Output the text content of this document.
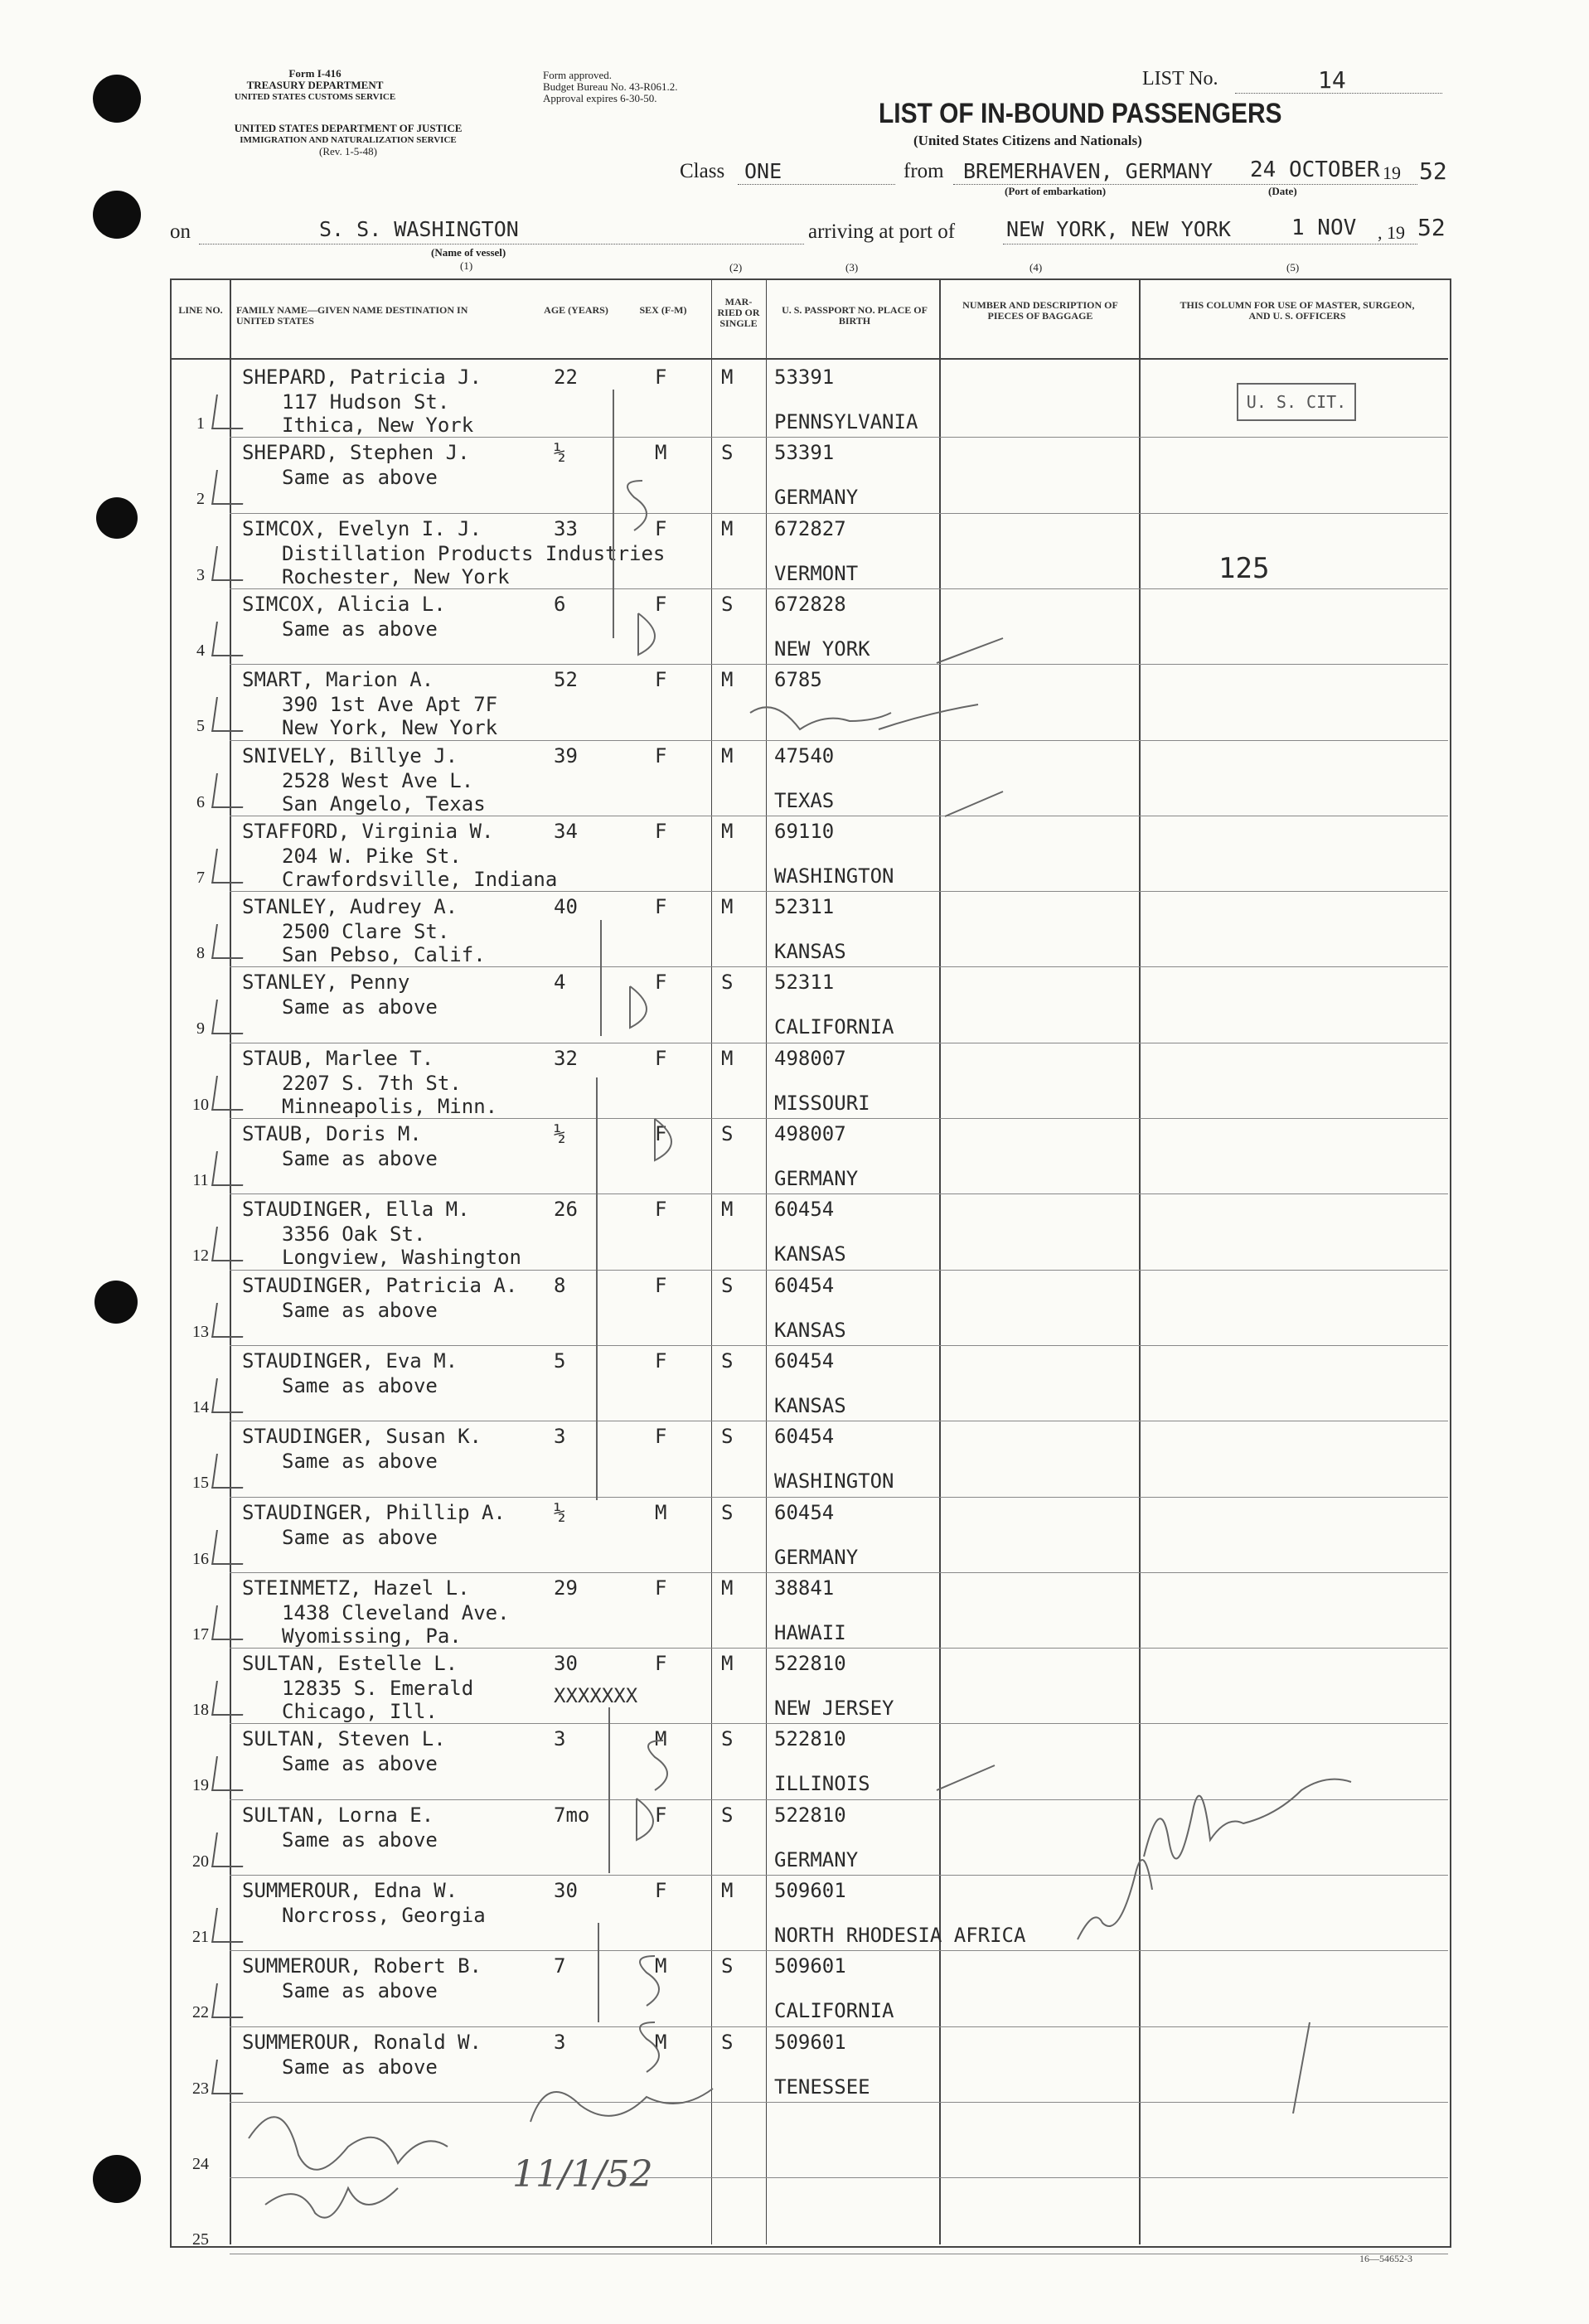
Form I-416
TREASURY DEPARTMENT
UNITED STATES CUSTOMS SERVICE
Form approved.
Budget Bureau No. 43-R061.2.
Approval expires 6-30-50.
UNITED STATES DEPARTMENT OF JUSTICE
IMMIGRATION AND NATURALIZATION SERVICE
(Rev. 1-5-48)
LIST No.	14
LIST OF IN-BOUND PASSENGERS
(United States Citizens and Nationals)
Class ONE	from BREMERHAVEN, GERMANY 24 OCTOBER 19 52
(Port of embarkation)	(Date)
on	S. S. WASHINGTON
(Name of vessel)
(1)
arriving at port of NEW YORK, NEW YORK	1 NOV , 19 52
LINE NO. FAMILY NAME—GIVEN NAME DESTINATION IN UNITED STATES
AGE (YEARS)	SEX (F-M)
MAR-RIED OR SINGLE
U. S. PASSPORT NO. PLACE OF BIRTH
NUMBER AND DESCRIPTION OF PIECES OF BAGGAGE
THIS COLUMN FOR USE OF MASTER, SURGEON, AND U. S. OFFICERS
(2)	(3)	(4)	(5)
1
SHEPARD, Patricia J.
117 Hudson St.
Ithica, New York
22	F	M 53391
PENNSYLVANIA
2
SHEPARD, Stephen J.
Same as above
½	M	S 53391
GERMANY
3
SIMCOX, Evelyn I. J.
Distillation Products Industries
Rochester, New York
33	F	M 672827
VERMONT
4
SIMCOX, Alicia L.
Same as above
6	F	S 672828
NEW YORK
5
SMART, Marion A.
390 1st Ave Apt 7F
New York, New York
52	F	M 6785
6
SNIVELY, Billye J.
2528 West Ave L.
San Angelo, Texas
39	F	M 47540
TEXAS
7
STAFFORD, Virginia W.
204 W. Pike St.
Crawfordsville, Indiana
34	F	M 69110
WASHINGTON
8
STANLEY, Audrey A.
2500 Clare St.
San Pebso, Calif.
40	F	M 52311
KANSAS
9
STANLEY, Penny
Same as above
4	F	S 52311
CALIFORNIA
10
STAUB, Marlee T.
2207 S. 7th St.
Minneapolis, Minn.
32	F	M 498007
MISSOURI
11
STAUB, Doris M.
Same as above
½	F	S 498007
GERMANY
12
STAUDINGER, Ella M.
3356 Oak St.
Longview, Washington
26	F	M 60454
KANSAS
13
STAUDINGER, Patricia A.
Same as above
8	F	S 60454
KANSAS
14
STAUDINGER, Eva M.
Same as above
5	F	S 60454
KANSAS
15
STAUDINGER, Susan K.
Same as above
3	F	S 60454
WASHINGTON
16
STAUDINGER, Phillip A.
Same as above
½	M	S 60454
GERMANY
17
STEINMETZ, Hazel L.
1438 Cleveland Ave.
Wyomissing, Pa.
29	F	M 38841
HAWAII
18
SULTAN, Estelle L.
12835 S. Emerald
Chicago, Ill.
30	F	M 522810
NEW JERSEY
19
SULTAN, Steven L.
Same as above
3	M	S 522810
ILLINOIS
20
SULTAN, Lorna E.
Same as above
7mo	F	S 522810
GERMANY
21
SUMMEROUR, Edna W.
Norcross, Georgia
30	F	M 509601
NORTH RHODESIA AFRICA
22
SUMMEROUR, Robert B.
Same as above
7	M	S 509601
CALIFORNIA
23
SUMMEROUR, Ronald W.
Same as above
3	M	S 509601
TENESSEE
24
25
U. S. CIT.
125
XXXXXXX
11/1/52
16—54652-3
